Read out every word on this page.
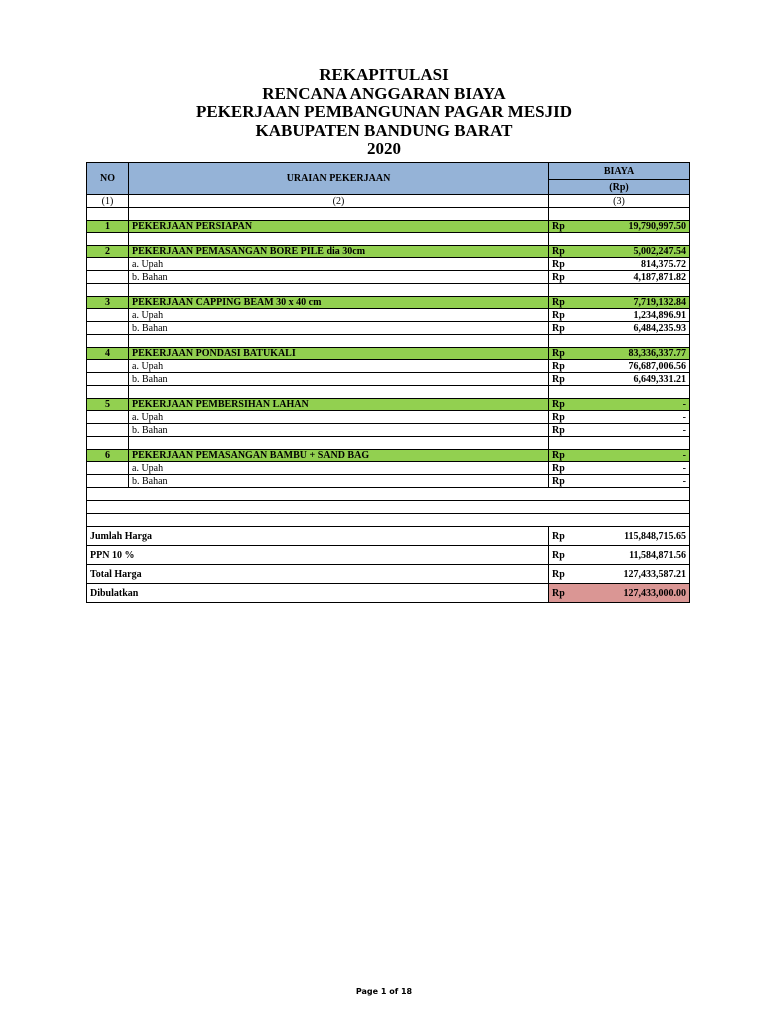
REKAPITULASI
RENCANA ANGGARAN BIAYA
PEKERJAAN PEMBANGUNAN PAGAR MESJID
KABUPATEN BANDUNG BARAT
2020
NO	URAIAN PEKERJAAN	BIAYA	
		(Rp)	
(1)	(2)	(3)	

1	PEKERJAAN PERSIAPAN	Rp	19,790,997.50

2	PEKERJAAN PEMASANGAN BORE PILE dia 30cm	Rp	5,002,247.54
	a. Upah	Rp	814,375.72
	b. Bahan	Rp	4,187,871.82

3	PEKERJAAN CAPPING BEAM 30 x 40 cm	Rp	7,719,132.84
	a. Upah	Rp	1,234,896.91
	b. Bahan	Rp	6,484,235.93

4	PEKERJAAN PONDASI BATUKALI	Rp	83,336,337.77
	a. Upah	Rp	76,687,006.56
	b. Bahan	Rp	6,649,331.21

5	PEKERJAAN PEMBERSIHAN LAHAN	Rp	-
	a. Upah	Rp	-
	b. Bahan	Rp	-

6	PEKERJAAN PEMASANGAN BAMBU + SAND BAG	Rp	-
	a. Upah	Rp	-
	b. Bahan	Rp	-

Jumlah Harga		Rp	115,848,715.65
PPN 10 %		Rp	11,584,871.56
Total Harga		Rp	127,433,587.21
Dibulatkan		Rp	127,433,000.00
Page 1 of 18
